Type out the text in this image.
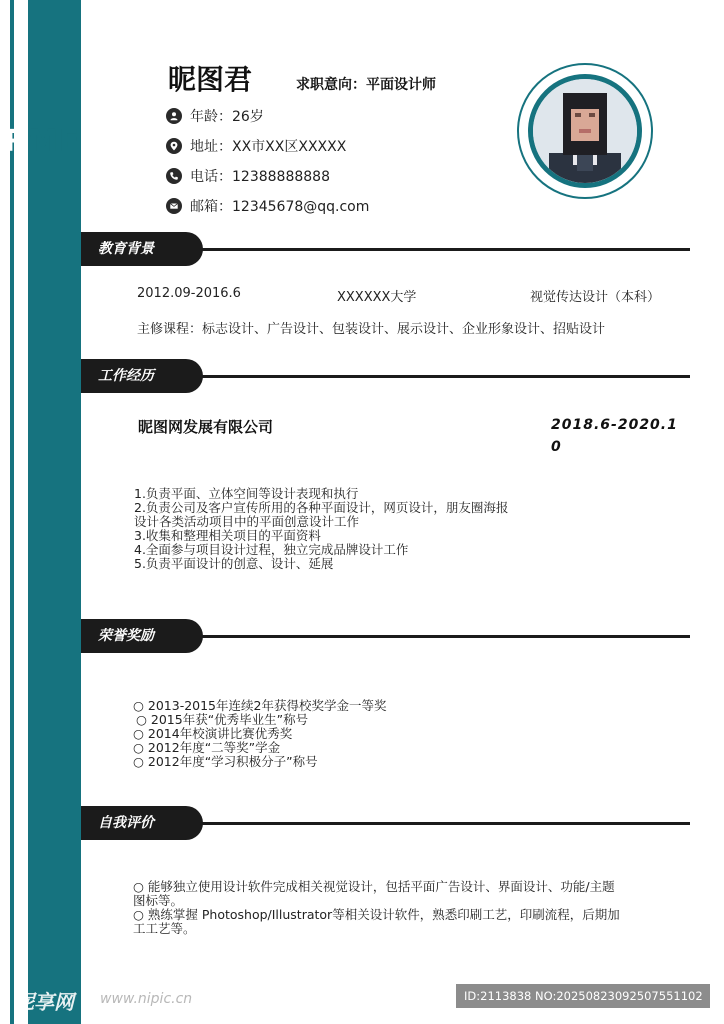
RME
昵图君	求职意向：平面设计师
年龄：26岁
地址：XX市XX区XXXXX
电话：12388888888
邮箱：12345678@qq.com
教育背景
2012.09-2016.6	XXXXXX大学	视觉传达设计（本科）
主修课程：标志设计、广告设计、包装设计、展示设计、企业形象设计、招贴设计
工作经历
昵图网发展有限公司	2018.6-2020.10
1.负责平面、立体空间等设计表现和执行
2.负责公司及客户宣传所用的各种平面设计，网页设计，朋友圈海报
设计各类活动项目中的平面创意设计工作
3.收集和整理相关项目的平面资料
4.全面参与项目设计过程，独立完成品牌设计工作
5.负责平面设计的创意、设计、延展
荣誉奖励
○ 2013-2015年连续2年获得校奖学金一等奖
○ 2015年获“优秀毕业生”称号
○ 2014年校演讲比赛优秀奖
○ 2012年度“二等奖”学金
○ 2012年度“学习积极分子”称号
自我评价
○ 能够独立使用设计软件完成相关视觉设计，包括平面广告设计、界面设计、功能/主题
图标等。
○ 熟练掌握 Photoshop/Illustrator等相关设计软件，熟悉印刷工艺，印刷流程，后期加
工工艺等。
昵享网 www.nipic.cn	ID:2113838 NO:20250823092507551102
